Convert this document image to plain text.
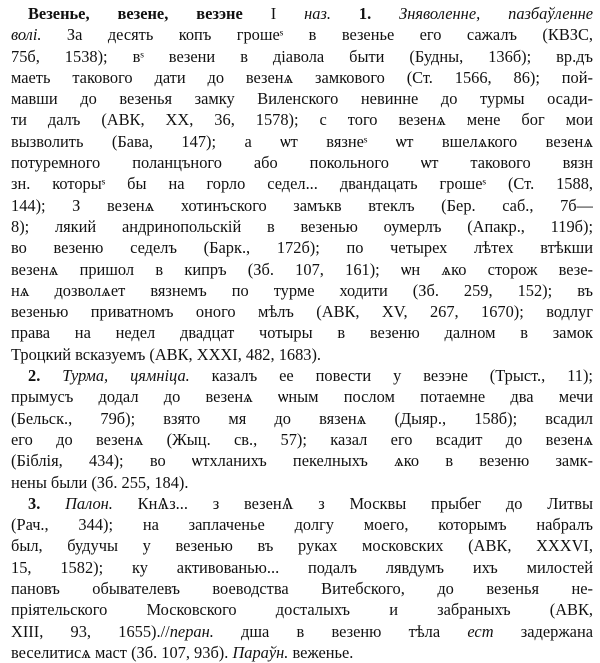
Везенье, везене, везэне I наз. 1. Зняволенне, пазбаўленне
волі. За десять копъ грошеˢ в везенье его сажалъ (КВЗС,
75б, 1538); вˢ везени в дiавола быти (Будны, 136б); вр.дъ
маеть такового дати до везенѧ замкового (Ст. 1566, 86); пой-
мавши до везенья замку Виленского невинне до турмы осади-
ти далъ (АВК, XX, 36, 1578); с того везенѧ мене бог мои
вызволить (Бава, 147); а ѡт вязнеˢ ѡт вшелѧкого везенѧ
потуремного поланцъного або покольного ѡт такового вязн
зн. которыˢ бы на горло седел... двандацать грошеˢ (Ст. 1588,
144); З везенѧ хотинъского замъкв втеклъ (Бер. саб., 7б—
8); лякий андринопольскій в везенью оумерлъ (Апакр., 119б);
во везеню седелъ (Барк., 172б); по четырех лѣтех втѣкши
везенѧ пришол в кипръ (Зб. 107, 161); ѡн ѧко сторож везе-
нѧ дозволѧет вязнемъ по турме ходити (Зб. 259, 152); въ
везенью приватномъ оного мѣлъ (АВК, XV, 267, 1670); водлуг
права на недел двадцат чотыры в везеню далном в замок
Троцкий всказуемъ (АВК, XXXI, 482, 1683).
2. Турма, цямніца. казалъ ее повести у везэне (Трыст., 11);
прымусъ додал до везенѧ ѡным послом потаемне два мечи
(Бельск., 79б); взято мя до вязенѧ (Дыяр., 158б); всадил
его до везенѧ (Жыц. св., 57); казал его всадит до везенѧ
(Біблія, 434); во ѡтхланихъ пекелныхъ ѧко в везеню замк-
нены были (Зб. 255, 184).
3. Палон. КнѦз... з везенѦ з Москвы прыбег до Литвы
(Рач., 344); на заплаченье долгу моего, которымъ набралъ
был, будучы у везенью въ руках московских (АВК, XXXVI,
15, 1582); ку активованью... подалъ лявдумъ ихъ милостей
пановъ обывателевъ воеводства Витебского, до везенья не-
пріятельского Московского досталыхъ и забраныхъ (АВК,
XIII, 93, 1655).//перан. дша в везеню тѣла ест задержана
веселитисѧ маст (Зб. 107, 93б). Параўн. веженье.
